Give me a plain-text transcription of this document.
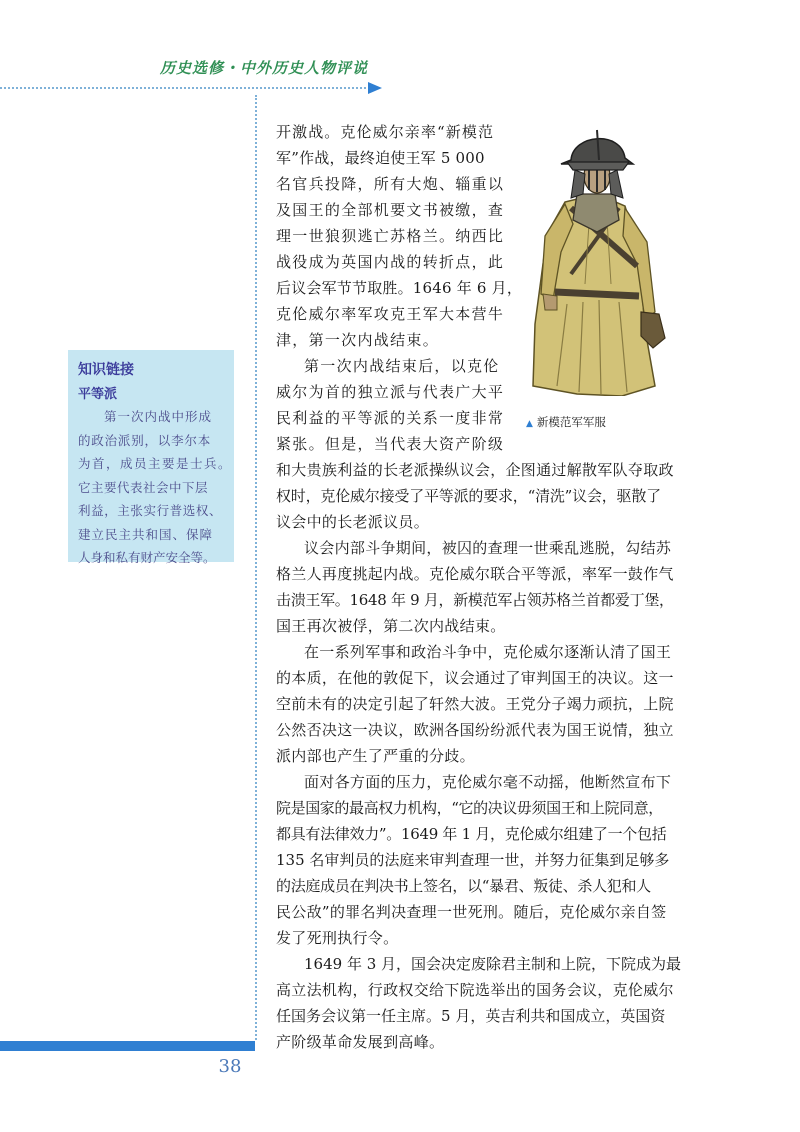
历史选修・中外历史人物评说
知识链接
平等派

第一次内战中形成
的政治派别，以李尔本
为首，成员主要是士兵。
它主要代表社会中下层
利益，主张实行普选权、
建立民主共和国、保障
人身和私有财产安全等。

▲ 新模范军军服
开激战。克伦威尔亲率“新模范
军”作战，最终迫使王军 5 000
名官兵投降，所有大炮、辎重以
及国王的全部机要文书被缴，查
理一世狼狈逃亡苏格兰。纳西比
战役成为英国内战的转折点，此
后议会军节节取胜。1646 年 6 月，
克伦威尔率军攻克王军大本营牛
津，第一次内战结束。
第一次内战结束后，以克伦
威尔为首的独立派与代表广大平
民利益的平等派的关系一度非常
紧张。但是，当代表大资产阶级
和大贵族利益的长老派操纵议会，企图通过解散军队夺取政
权时，克伦威尔接受了平等派的要求，“清洗”议会，驱散了
议会中的长老派议员。
议会内部斗争期间，被囚的查理一世乘乱逃脱，勾结苏
格兰人再度挑起内战。克伦威尔联合平等派，率军一鼓作气
击溃王军。1648 年 9 月，新模范军占领苏格兰首都爱丁堡，
国王再次被俘，第二次内战结束。
在一系列军事和政治斗争中，克伦威尔逐渐认清了国王
的本质，在他的敦促下，议会通过了审判国王的决议。这一
空前未有的决定引起了轩然大波。王党分子竭力顽抗，上院
公然否决这一决议，欧洲各国纷纷派代表为国王说情，独立
派内部也产生了严重的分歧。
面对各方面的压力，克伦威尔毫不动摇，他断然宣布下
院是国家的最高权力机构，“它的决议毋须国王和上院同意，
都具有法律效力”。1649 年 1 月，克伦威尔组建了一个包括
135 名审判员的法庭来审判查理一世，并努力征集到足够多
的法庭成员在判决书上签名，以“暴君、叛徒、杀人犯和人
民公敌”的罪名判决查理一世死刑。随后，克伦威尔亲自签
发了死刑执行令。
1649 年 3 月，国会决定废除君主制和上院，下院成为最
高立法机构，行政权交给下院选举出的国务会议，克伦威尔
任国务会议第一任主席。5 月，英吉利共和国成立，英国资
产阶级革命发展到高峰。
38
